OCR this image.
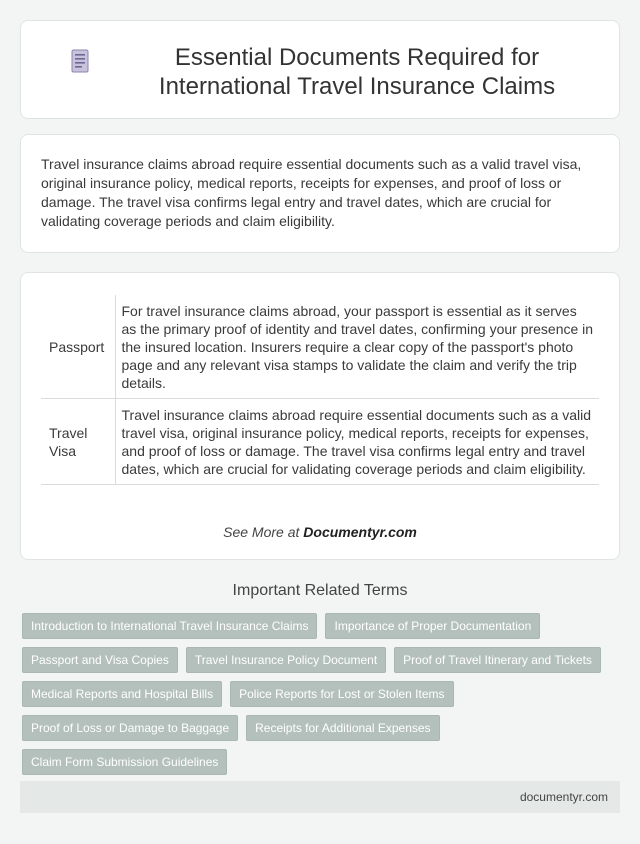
Essential Documents Required for International Travel Insurance Claims

Travel insurance claims abroad require essential documents such as a valid travel visa, original insurance policy, medical reports, receipts for expenses, and proof of loss or damage. The travel visa confirms legal entry and travel dates, which are crucial for validating coverage periods and claim eligibility.

Passport	For travel insurance claims abroad, your passport is essential as it serves as the primary proof of identity and travel dates, confirming your presence in the insured location. Insurers require a clear copy of the passport's photo page and any relevant visa stamps to validate the claim and verify the trip details.
Travel Visa	Travel insurance claims abroad require essential documents such as a valid travel visa, original insurance policy, medical reports, receipts for expenses, and proof of loss or damage. The travel visa confirms legal entry and travel dates, which are crucial for validating coverage periods and claim eligibility.
See More at Documentyr.com
Important Related Terms
Introduction to International Travel Insurance Claims	Importance of Proper Documentation
Passport and Visa Copies	Travel Insurance Policy Document	Proof of Travel Itinerary and Tickets
Medical Reports and Hospital Bills	Police Reports for Lost or Stolen Items
Proof of Loss or Damage to Baggage	Receipts for Additional Expenses
Claim Form Submission Guidelines
documentyr.com
